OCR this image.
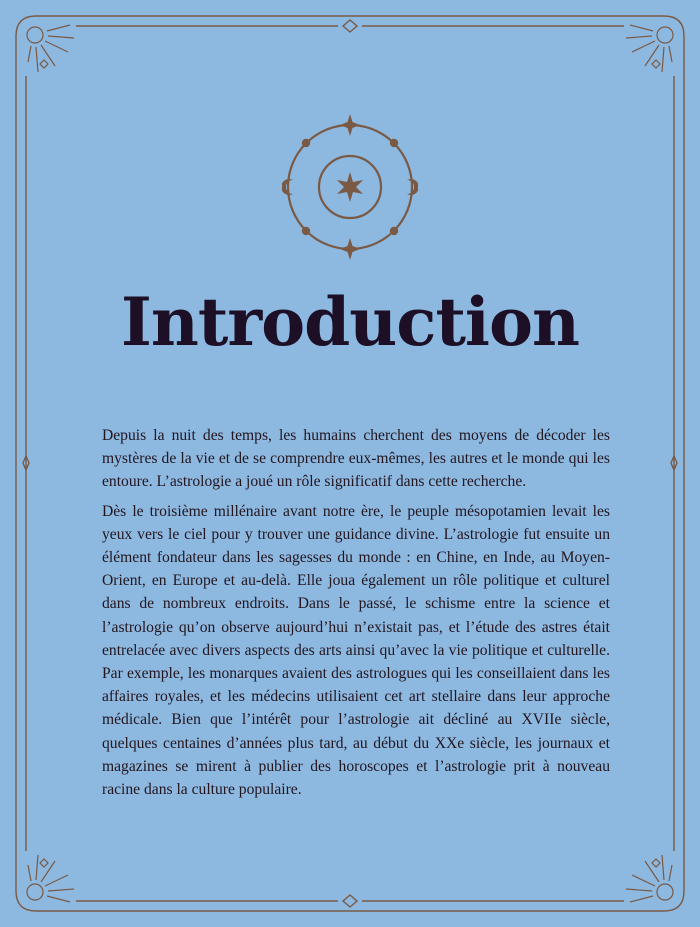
Introduction

Depuis la nuit des temps, les humains cherchent des moyens de décoder les mystères de la vie et de se comprendre eux-mêmes, les autres et le monde qui les entoure. L’astrologie a joué un rôle significatif dans cette recherche.

Dès le troisième millénaire avant notre ère, le peuple mésopotamien levait les yeux vers le ciel pour y trouver une guidance divine. L’astrologie fut ensuite un élément fondateur dans les sagesses du monde : en Chine, en Inde, au Moyen-Orient, en Europe et au-delà. Elle joua également un rôle politique et culturel dans de nombreux endroits. Dans le passé, le schisme entre la science et l’astrologie qu’on observe aujourd’hui n’existait pas, et l’étude des astres était entrelacée avec divers aspects des arts ainsi qu’avec la vie politique et culturelle. Par exemple, les monarques avaient des astrologues qui les conseillaient dans les affaires royales, et les médecins utilisaient cet art stellaire dans leur approche médicale. Bien que l’intérêt pour l’astrologie ait décliné au XVIIe siècle, quelques centaines d’années plus tard, au début du XXe siècle, les journaux et magazines se mirent à publier des horoscopes et l’astrologie prit à nouveau racine dans la culture populaire.
